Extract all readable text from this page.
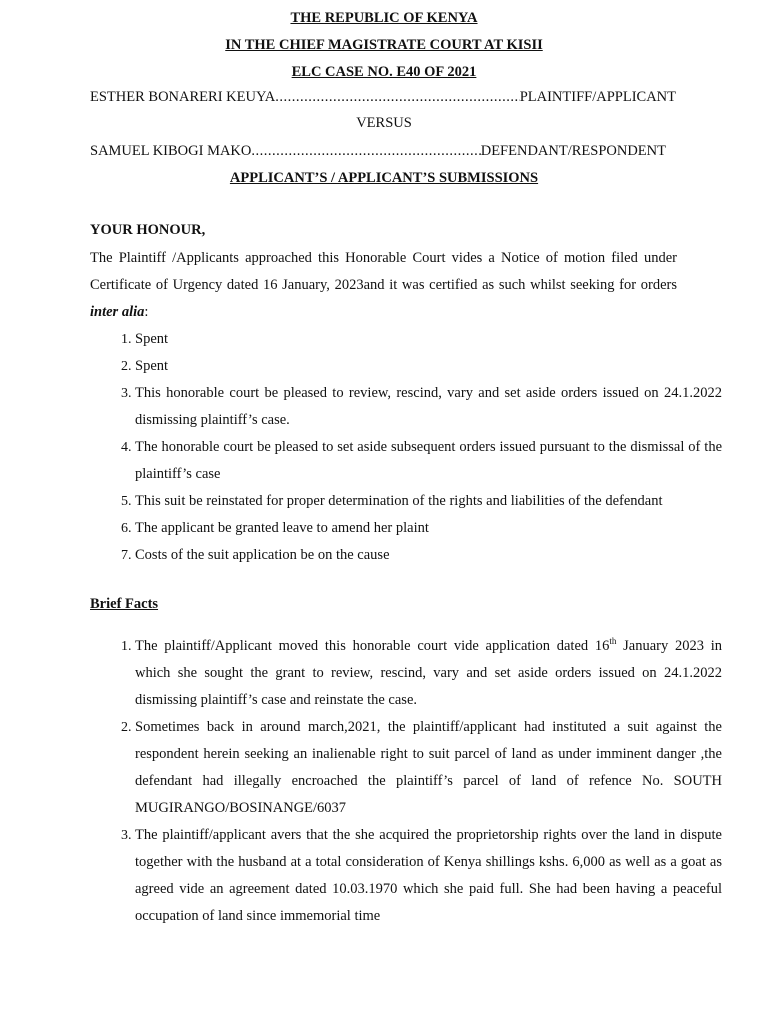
THE REPUBLIC OF KENYA
IN THE CHIEF MAGISTRATE COURT AT KISII
ELC CASE NO. E40 OF 2021
ESTHER BONARERI KEUYA .....	PLAINTIFF/APPLICANT
VERSUS
SAMUEL KIBOGI MAKO .....	DEFENDANT/RESPONDENT
APPLICANT’S / APPLICANT’S SUBMISSIONS
YOUR HONOUR,
The Plaintiff /Applicants approached this Honorable Court vides a Notice of motion filed under Certificate of Urgency dated 16 January, 2023and it was certified as such whilst seeking for orders inter alia:
1. Spent
2. Spent
3. This honorable court be pleased to review, rescind, vary and set aside orders issued on 24.1.2022 dismissing plaintiff’s case.
4. The honorable court be pleased to set aside subsequent orders issued pursuant to the dismissal of the plaintiff’s case
5. This suit be reinstated for proper determination of the rights and liabilities of the defendant
6. The applicant be granted leave to amend her plaint
7. Costs of the suit application be on the cause
Brief Facts
1. The plaintiff/Applicant moved this honorable court vide application dated 16th January 2023 in which she sought the grant to review, rescind, vary and set aside orders issued on 24.1.2022 dismissing plaintiff’s case and reinstate the case.
2. Sometimes back in around march,2021, the plaintiff/applicant had instituted a suit against the respondent herein seeking an inalienable right to suit parcel of land as under imminent danger ,the defendant had illegally encroached the plaintiff’s parcel of land of refence No. SOUTH MUGIRANGO/BOSINANGE/6037
3. The plaintiff/applicant avers that the she acquired the proprietorship rights over the land in dispute together with the husband at a total consideration of Kenya shillings kshs. 6,000 as well as a goat as agreed vide an agreement dated 10.03.1970 which she paid full. She had been having a peaceful occupation of land since immemorial time
